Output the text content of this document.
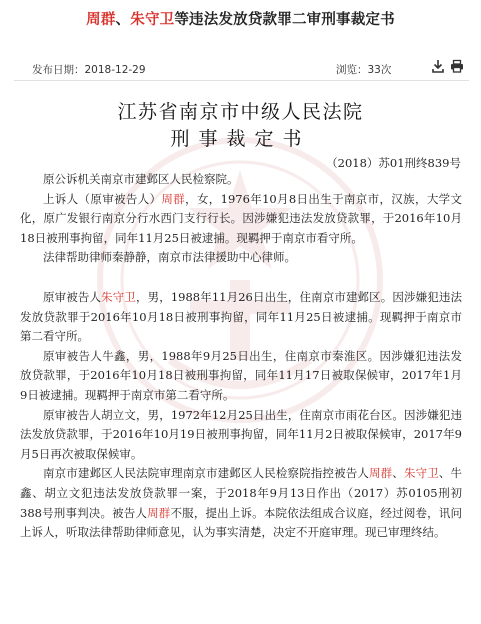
周群、朱守卫等违法发放贷款罪二审刑事裁定书
发布日期：2018-12-29	浏览：33次

江苏省南京市中级人民法院
刑事裁定书
（2018）苏01刑终839号

原公诉机关南京市建邺区人民检察院。

上诉人（原审被告人）周群，女，1976年10月8日出生于南京市，汉族，大学文化，原广发银行南京分行水西门支行行长。因涉嫌犯违法发放贷款罪，于2016年10月18日被刑事拘留，同年11月25日被逮捕。现羁押于南京市看守所。

法律帮助律师秦静静，南京市法律援助中心律师。

原审被告人朱守卫，男，1988年11月26日出生，住南京市建邺区。因涉嫌犯违法发放贷款罪于2016年10月18日被刑事拘留，同年11月25日被逮捕。现羁押于南京市第二看守所。

原审被告人牛鑫，男，1988年9月25日出生，住南京市秦淮区。因涉嫌犯违法发放贷款罪，于2016年10月18日被刑事拘留，同年11月17日被取保候审，2017年1月9日被逮捕。现羁押于南京市第二看守所。

原审被告人胡立文，男，1972年12月25日出生，住南京市雨花台区。因涉嫌犯违法发放贷款罪，于2016年10月19日被刑事拘留，同年11月2日被取保候审，2017年9月5日再次被取保候审。

南京市建邺区人民法院审理南京市建邺区人民检察院指控被告人周群、朱守卫、牛鑫、胡立文犯违法发放贷款罪一案，于2018年9月13日作出（2017）苏0105刑初388号刑事判决。被告人周群不服，提出上诉。本院依法组成合议庭，经过阅卷，讯问上诉人，听取法律帮助律师意见，认为事实清楚，决定不开庭审理。现已审理终结。
